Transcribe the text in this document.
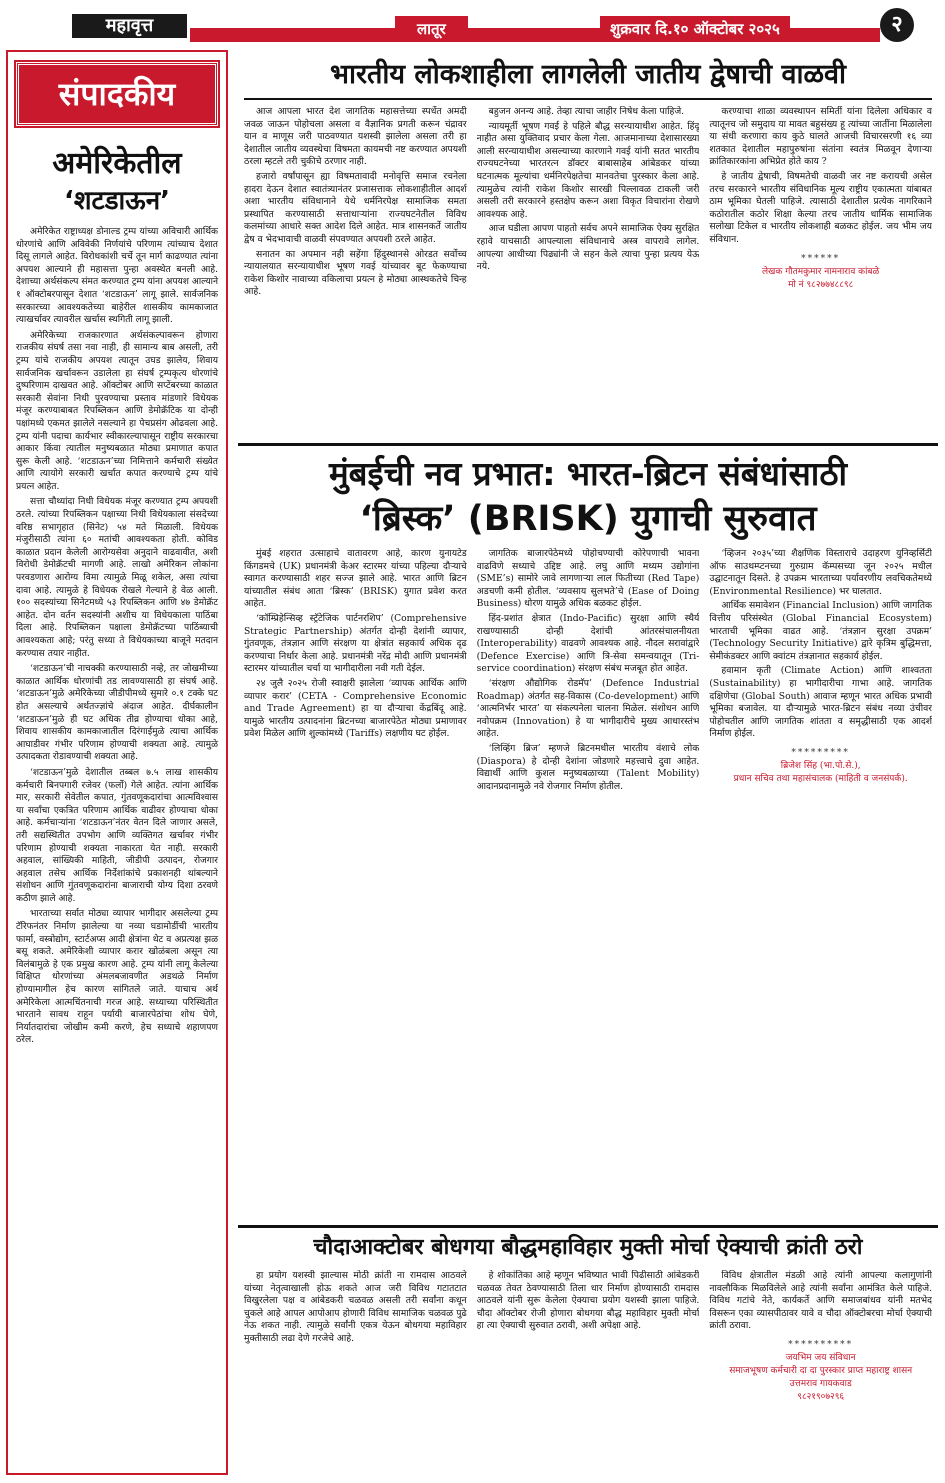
महावृत्त	लातूर	शुक्रवार दि.१० ऑक्टोबर २०२५	२
संपादकीय
अमेरिकेतील
‘शटडाऊन’

अमेरिकेत राष्ट्राध्यक्ष डोनाल्ड ट्रम्प यांच्या अविचारी आर्थिक धोरणांचे आणि अविवेकी निर्णयांचे परिणाम त्यांच्याच देशात दिसू लागले आहेत. विरोधकांशी चर्चे तून मार्ग काढण्यात त्यांना अपयश आल्याने ही महासत्ता पुन्हा अवस्थेत बनली आहे. देशाच्या अर्थसंकल्प संमत करण्यात ट्रम्प यांना अपयश आल्याने १ ऑक्टोबरपासून देशात ‘शटडाऊन’ लागू झाले. सार्वजनिक सरकारच्या आवश्यकतेच्या बाहेरील शासकीय कामकाजात त्याखर्चावर त्यावरील खर्चास स्थगिती लागू झाली.

अमेरिकेच्या राजकारणात अर्थसंकल्पावरून होणारा राजकीय संघर्ष तसा नवा नाही, ही सामान्य बाब असली, तरी ट्रम्प यांचे राजकीय अपयश त्यातून उघड झालेय, शिवाय सार्वजनिक खर्चावरून उडालेला हा संघर्ष ट्रम्पकृत्य धोरणांचे दुष्परिणाम दाखवत आहे. ऑक्टोबर आणि सप्टेंबरच्या काळात सरकारी सेवांना निधी पुरवण्याचा प्रस्ताव मांडणारे विधेयक मंजूर करण्याबाबत रिपब्लिकन आणि डेमोक्रॅटिक या दोन्ही पक्षांमध्ये एकमत झालेले नसल्याने हा पेचप्रसंग ओढवला आहे. ट्रम्प यांनी पदाचा कार्यभार स्वीकारल्यापासून राष्ट्रीय सरकारचा आकार किंवा त्यातील मनुष्यबळात मोठ्या प्रमाणात कपात सुरू केली आहे. ‘शटडाऊन’च्या निमित्ताने कर्मचारी संख्येत आणि त्यायोगे सरकारी खर्चात कपात करण्याचे ट्रम्प यांचे प्रयत्न आहेत.

सत्ता चौथ्यांदा निधी विधेयक मंजूर करण्यात ट्रम्प अपयशी ठरले. त्यांच्या रिपब्लिकन पक्षाच्या निधी विधेयकाला संसदेच्या वरिष्ठ सभागृहात (सिनेट) ५४ मते मिळाली. विधेयक मंजुरीसाठी त्यांना ६० मतांची आवश्यकता होती. कोविड काळात प्रदान केलेली आरोग्यसेवा अनुदाने वाढवावीत, अशी विरोधी डेमोक्रॅटची मागणी आहे. लाखो अमेरिकन लोकांना परवडणारा आरोग्य विमा त्यामुळे मिळू शकेल, असा त्यांचा दावा आहे. त्यामुळे हे विधेयक रोखले गेल्याने हे वेळ आली. १०० सदस्यांच्या सिनेटमध्ये ५३ रिपब्लिकन आणि ४७ डेमोक्रॅट आहेत. दोन वर्तन सदस्यांनी अशीच या विधेयकाला पाठिंबा दिला आहे. रिपब्लिकन पक्षाला डेमोक्रॅटच्या पाठिंब्याची आवश्यकता आहे; परंतु सध्या ते विधेयकाच्या बाजूने मतदान करण्यास तयार नाहीत.

‘शटडाऊन’ची नाचक्की करण्यासाठी नव्हे, तर जोखमीच्या काळात आर्थिक धोरणांची तड लावण्यासाठी हा संघर्ष आहे. ‘शटडाऊन’मुळे अमेरिकेच्या जीडीपीमध्ये सुमारे ०.१ टक्के घट होत असल्याचे अर्थतज्ज्ञांचे अंदाज आहेत. दीर्घकालीन ‘शटडाऊन’मुळे ही घट अधिक तीव्र होण्याचा धोका आहे, शिवाय शासकीय कामकाजातील दिरंगाईमुळे त्याचा आर्थिक आघाडीवर गंभीर परिणाम होण्याची शक्यता आहे. त्यामुळे उत्पादकता रोडावण्याची शक्यता आहे.

‘शटडाऊन’मुळे देशातील तब्बल ७.५ लाख शासकीय कर्मचारी बिनपगारी रजेवर (फर्लो) गेले आहेत. त्यांना आर्थिक मार, सरकारी सेवेतील कपात, गुंतवणूकदारांचा आत्मविश्वास या सर्वांचा एकत्रित परिणाम आर्थिक वाढीवर होण्याचा धोका आहे. कर्मचाऱ्यांना ‘शटडाऊन’नंतर वेतन दिले जाणार असले, तरी सद्यस्थितीत उपभोग आणि व्यक्तिगत खर्चावर गंभीर परिणाम होण्याची शक्यता नाकारता येत नाही. सरकारी अहवाल, सांख्यिकी माहिती, जीडीपी उत्पादन, रोजगार अहवाल तसेच आर्थिक निर्देशांकांचे प्रकाशनही थांबल्याने संशोधन आणि गुंतवणूकदारांना बाजाराची योग्य दिशा ठरवणे कठीण झाले आहे.

भारताच्या सर्वात मोठ्या व्यापार भागीदार असलेल्या ट्रम्प टॅरिफनंतर निर्माण झालेल्या या नव्या घडामोडींची भारतीय फार्मा, वस्त्रोद्योग, स्टार्टअप्स आदी क्षेत्रांना थेट व अप्रत्यक्ष झळ बसू शकते. अमेरिकेशी व्यापार करार खोळंबला असून त्या विलंबामुळे हे एक प्रमुख कारण आहे. ट्रम्प यांनी लागू केलेल्या विक्षिप्त धोरणांच्या अंमलबजावणीत अडथळे निर्माण होण्यामागील हेच कारण सांगितले जाते. याचाच अर्थ अमेरिकेला आत्मचिंतनाची गरज आहे. सध्याच्या परिस्थितीत भारताने सावध राहून पर्यायी बाजारपेठांचा शोध घेणे, निर्यातदारांचा जोखीम कमी करणे, हेच सध्याचे शहाणपण ठरेल.

भारतीय लोकशाहीला लागलेली जातीय द्वेषाची वाळवी

आज आपला भारत देश जागतिक महासत्तेच्या स्पर्धेत अमदी जवळ जाऊन पोहोचला असला व वैज्ञानिक प्रगती करून चंद्रावर यान व माणूस जरी पाठवण्यात यशस्वी झालेला असला तरी हा देशातील जातीय व्यवस्थेचा विषमता कायमची नष्ट करण्यात अपयशी ठरला म्हटले तरी चुकीचे ठरणार नाही.

हजारो वर्षांपासून ह्या विषमतावादी मनोवृत्ति समाज रचनेला हादरा देऊन देशात स्वातंत्र्यानंतर प्रजासत्ताक लोकशाहीतील आदर्श अशा भारतीय संविधानाने येथे धर्मनिरपेक्ष सामाजिक समता प्रस्थापित करण्यासाठी सत्ताधाऱ्यांना राज्यघटनेतील विविध कलमांच्या आधारे सक्त आदेश दिले आहेत. मात्र शासनकर्ते जातीय द्वेष व भेदभावाची वाळवी संपवण्यात अपयशी ठरले आहेत.

सनातन का अपमान नही सहेंगा हिंदुस्थानसे ओरडत सर्वोच्च न्यायालयात सरन्यायाधीश भूषण गवई यांच्यावर बूट फेकण्याचा राकेश किशोर नावाच्या वकिलाचा प्रयत्न हे मोठ्या आस्थकतेचे चिन्ह आहे.

बहुजन अनन्य आहे. तेव्हा त्याचा जाहीर निषेध केला पाहिजे.

न्यायमूर्ती भूषण गवई हे पहिले बौद्ध सरन्यायाधीश आहेत. हिंदू नाहीत असा युक्तिवाद प्रचार केला गेला. आजमानाच्या देशासारख्या आली सरन्यायाधीश असल्याच्या कारणाने गवई यांनी सतत भारतीय राज्यघटनेच्या भारतरत्न डॉक्टर बाबासाहेब आंबेडकर यांच्या घटनात्मक मूल्यांचा धर्मनिरपेक्षतेचा मानवतेचा पुरस्कार केला आहे. त्यामुळेच त्यांनी राकेश किशोर सारखी पिल्लावळ टाकली जरी असली तरी सरकारने हस्तक्षेप करून अशा विकृत विचारांना रोखणे आवश्यक आहे.

आज घडीला आपण पाहतो सर्वच अपने सामाजिक ऐक्य सुरक्षित रहावे याचसाठी आपल्याला संविधानाचे अस्त्र वापरावे लागेल. आपल्या आधीच्या पिढ्यांनी जे सहन केले त्याचा पुन्हा प्रत्यय येऊ नये.

करण्याचा शाळा व्यवस्थापन समितीं यांना दिलेला अधिकार व त्यातूनच जो समुदाय या मावत बहुसंख्य हू त्यांच्या जातींना मिळालेला या संधी करणारा काय कुठे घालते आजची विचारसरणी १६ व्या शतकात देशातील महापुरुषांना संतांना स्वतंत्र मिळवून देणाऱ्या क्रांतिकारकांना अभिप्रेत होते काय ?

हे जातीय द्वेषाची, विषमतेची वाळवी जर नष्ट करायची असेल तरच सरकारने भारतीय संविधानिक मूल्य राष्ट्रीय एकात्मता यांबाबत ठाम भूमिका घेतली पाहिजे. त्यासाठी देशातील प्रत्येक नागरिकाने कठोरातील कठोर शिक्षा केल्या तरच जातीय धार्मिक सामाजिक सलोखा टिकेल व भारतीय लोकशाही बळकट होईल. जय भीम जय संविधान.

******
लेखक गौतमकुमार नामनाराव कांबळे
मो नं ९८२७७४८८९८
मुंबईची नव प्रभात: भारत-ब्रिटन संबंधांसाठी
‘ब्रिस्क’ (BRISK) युगाची सुरुवात

मुंबई शहरात उत्साहाचे वातावरण आहे, कारण युनायटेड किंगडमचे (UK) प्रधानमंत्री केअर स्टारमर यांच्या पहिल्या दौऱ्याचे स्वागत करण्यासाठी शहर सज्ज झाले आहे. भारत आणि ब्रिटन यांच्यातील संबंध आता ‘ब्रिस्क’ (BRISK) युगात प्रवेश करत आहेत.

‘कॉम्प्रिहेन्सिव्ह स्ट्रॅटेजिक पार्टनरशिप’ (Comprehensive Strategic Partnership) अंतर्गत दोन्ही देशांनी व्यापार, गुंतवणूक, तंत्रज्ञान आणि संरक्षण या क्षेत्रांत सहकार्य अधिक दृढ करण्याचा निर्धार केला आहे. प्रधानमंत्री नरेंद्र मोदी आणि प्रधानमंत्री स्टारमर यांच्यातील चर्चा या भागीदारीला नवी गती देईल.

२४ जुलै २०२५ रोजी स्वाक्षरी झालेला ‘व्यापक आर्थिक आणि व्यापार करार’ (CETA - Comprehensive Economic and Trade Agreement) हा या दौऱ्याचा केंद्रबिंदू आहे. यामुळे भारतीय उत्पादनांना ब्रिटनच्या बाजारपेठेत मोठ्या प्रमाणावर प्रवेश मिळेल आणि शुल्कांमध्ये (Tariffs) लक्षणीय घट होईल.

जागतिक बाजारपेठेमध्ये पोहोचण्याची कोरेपणाची भावना वाढविणे सध्याचे उद्दिष्ट आहे. लघु आणि मध्यम उद्योगांना (SME’s) सामोरे जावे लागणाऱ्या लाल फितीच्या (Red Tape) अडचणी कमी होतील. ‘व्यवसाय सुलभते’चे (Ease of Doing Business) धोरण यामुळे अधिक बळकट होईल.

हिंद-प्रशांत क्षेत्रात (Indo-Pacific) सुरक्षा आणि स्थैर्य राखण्यासाठी दोन्ही देशांची आंतरसंचालनीयता (Interoperability) वाढवणे आवश्यक आहे. नौदल सरावांद्वारे (Defence Exercise) आणि त्रि-सेवा समन्वयातून (Tri-service coordination) संरक्षण संबंध मजबूत होत आहेत.

‘संरक्षण औद्योगिक रोडमॅप’ (Defence Industrial Roadmap) अंतर्गत सह-विकास (Co-development) आणि ‘आत्मनिर्भर भारत’ या संकल्पनेला चालना मिळेल. संशोधन आणि नवोपक्रम (Innovation) हे या भागीदारीचे मुख्य आधारस्तंभ आहेत.

‘लिव्हिंग ब्रिज’ म्हणजे ब्रिटनमधील भारतीय वंशाचे लोक (Diaspora) हे दोन्ही देशांना जोडणारे महत्त्वाचे दुवा आहेत. विद्यार्थी आणि कुशल मनुष्यबळाच्या (Talent Mobility) आदानप्रदानामुळे नवे रोजगार निर्माण होतील.

‘व्हिजन २०३५’च्या शैक्षणिक विस्ताराचे उदाहरण युनिव्हर्सिटी ऑफ साउथम्प्टनच्या गुरुग्राम कॅम्पसच्या जून २०२५ मधील उद्घाटनातून दिसते. हे उपक्रम भारताच्या पर्यावरणीय लवचिकतेमध्ये (Environmental Resilience) भर घालतात.

आर्थिक समावेशन (Financial Inclusion) आणि जागतिक वित्तीय परिसंस्थेत (Global Financial Ecosystem) भारताची भूमिका वाढत आहे. ‘तंत्रज्ञान सुरक्षा उपक्रम’ (Technology Security Initiative) द्वारे कृत्रिम बुद्धिमत्ता, सेमीकंडक्टर आणि क्वांटम तंत्रज्ञानात सहकार्य होईल.

हवामान कृती (Climate Action) आणि शाश्वतता (Sustainability) हा भागीदारीचा गाभा आहे. जागतिक दक्षिणेचा (Global South) आवाज म्हणून भारत अधिक प्रभावी भूमिका बजावेल. या दौऱ्यामुळे भारत-ब्रिटन संबंध नव्या उंचीवर पोहोचतील आणि जागतिक शांतता व समृद्धीसाठी एक आदर्श निर्माण होईल.

*********
ब्रिजेश सिंह (भा.पो.से.),
प्रधान सचिव तथा महासंचालक (माहिती व जनसंपर्क).
चौदाआक्टोबर बोधगया बौद्धमहाविहार मुक्ती मोर्चा ऐक्याची क्रांती ठरो

हा प्रयोग यशस्वी झाल्यास मोठी क्रांती ना रामदास आठवले यांच्या नेतृत्वाखाली होऊ शकते आज जरी विविध गटातटात विखुरलेला पक्ष व आंबेडकरी चळवळ असली तरी सर्वांना कधून चुकले आहे आपल आपोआप होणारी विविध सामाजिक चळवळ पुढे नेऊ शकत नाही. त्यामुळे सर्वांनी एकत्र येऊन बोधगया महाविहार मुक्तीसाठी लढा देणे गरजेचे आहे.

हे शोकांतिका आहे म्हणून भविष्यात भावी पिढीसाठी आंबेडकरी चळवळ तेवत ठेवण्यासाठी तिला धार निर्माण होण्यासाठी रामदास आठवले यांनी सुरू केलेला ऐक्याचा प्रयोग यशस्वी झाला पाहिजे. चौदा ऑक्टोबर रोजी होणारा बोधगया बौद्ध महाविहार मुक्ती मोर्चा हा त्या ऐक्याची सुरुवात ठरावी, अशी अपेक्षा आहे.

विविध क्षेत्रातील मंडळी आहे त्यांनी आपल्या कलागुणांनी नावलौकिक मिळविलेले आहे त्यांनी सर्वांना आमंत्रित केले पाहिजे. विविध गटांचे नेते, कार्यकर्ते आणि समाजबांधव यांनी मतभेद विसरून एका व्यासपीठावर यावे व चौदा ऑक्टोबरचा मोर्चा ऐक्याची क्रांती ठरावा.

**********
जयभिम जय संविधान
समाजभूषण कर्मचारी दा दा पुरस्कार प्राप्त महाराष्ट्र शासन
उत्तमराव गायकवाड
९८२१९०७२९६
